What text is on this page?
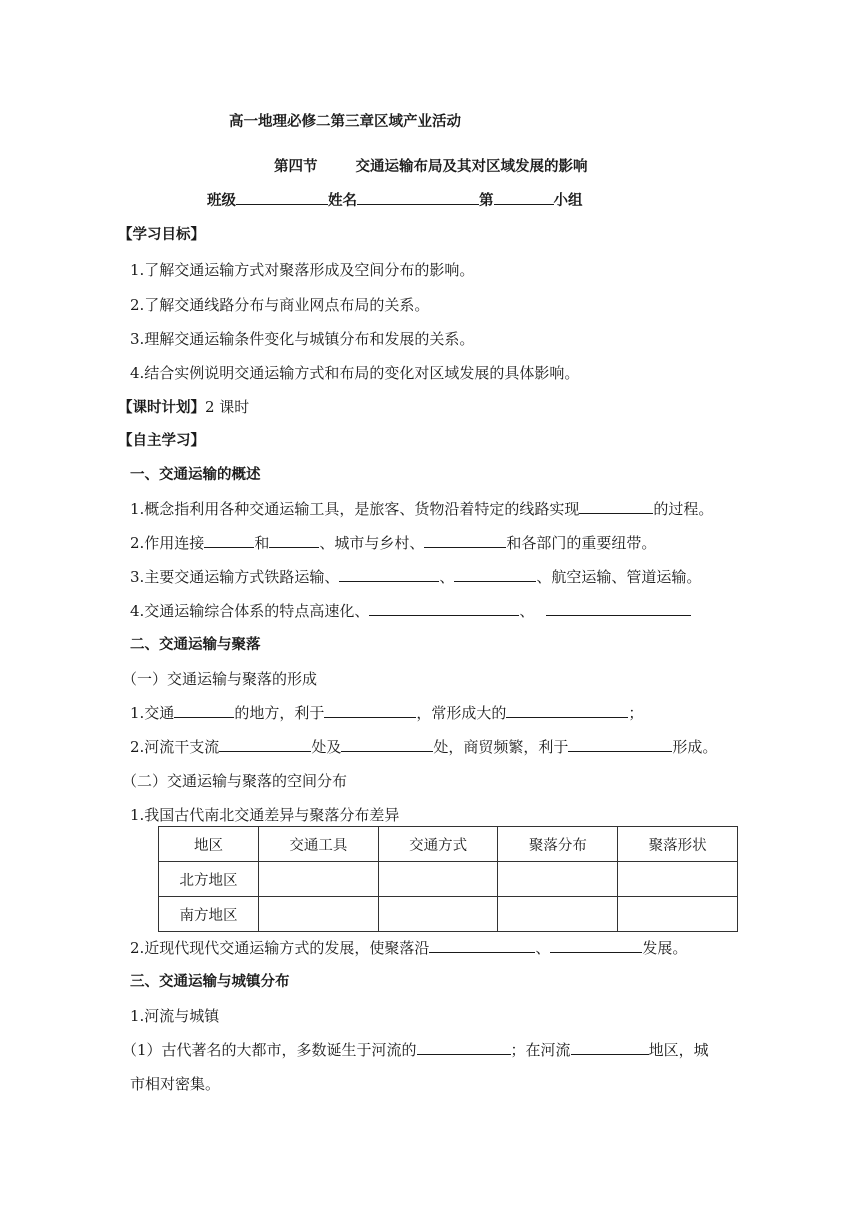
高一地理必修二第三章区域产业活动
第四节	交通运输布局及其对区域发展的影响
班级	姓名	第	小组
【学习目标】
1.了解交通运输方式对聚落形成及空间分布的影响。
2.了解交通线路分布与商业网点布局的关系。
3.理解交通运输条件变化与城镇分布和发展的关系。
4.结合实例说明交通运输方式和布局的变化对区域发展的具体影响。
【课时计划】2 课时
【自主学习】
一、交通运输的概述
1.概念指利用各种交通运输工具，是旅客、货物沿着特定的线路实现	的过程。
2.作用连接	和	、城市与乡村、	和各部门的重要纽带。
3.主要交通运输方式铁路运输、	、	、航空运输、管道运输。
4.交通运输综合体系的特点高速化、	、
二、交通运输与聚落
（一）交通运输与聚落的形成
1.交通	的地方，利于	，常形成大的	；
2.河流干支流	处及	处，商贸频繁，利于	形成。
（二）交通运输与聚落的空间分布
1.我国古代南北交通差异与聚落分布差异
地区	交通工具	交通方式	聚落分布	聚落形状
北方地区				
南方地区				
2.近现代现代交通运输方式的发展，使聚落沿	、	发展。
三、交通运输与城镇分布
1.河流与城镇
（1）古代著名的大都市，多数诞生于河流的	；在河流	地区，城
市相对密集。
